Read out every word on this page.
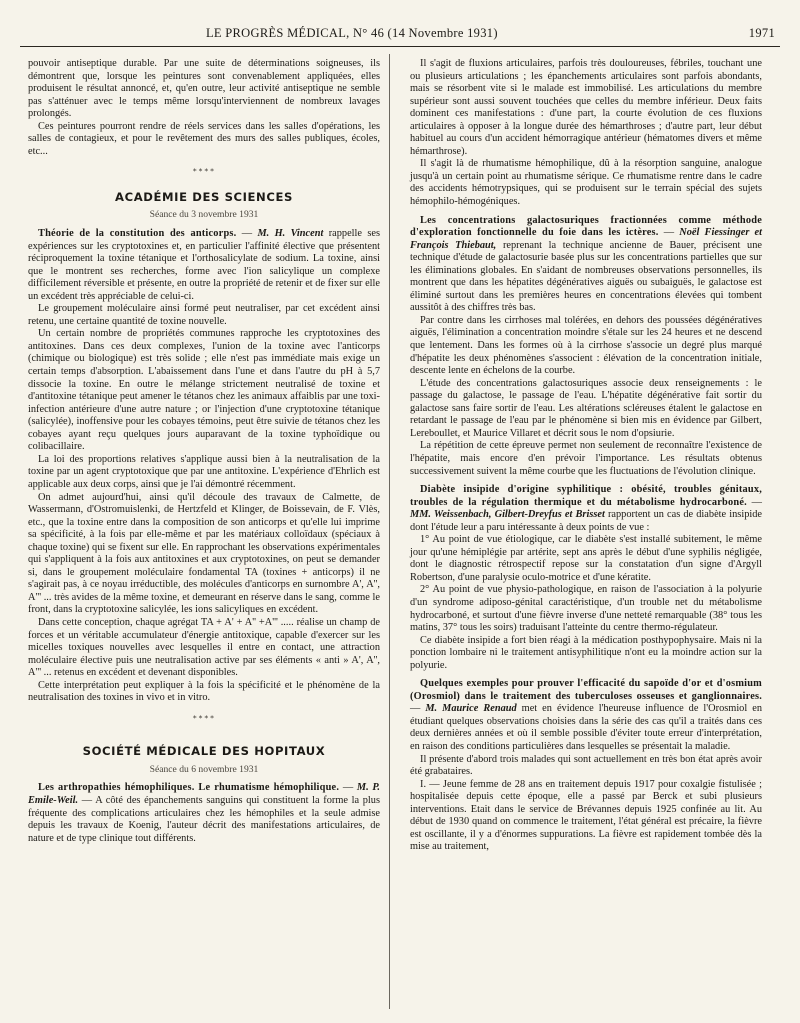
LE PROGRÈS MÉDICAL, N° 46 (14 Novembre 1931)	1971

pouvoir antiseptique durable. Par une suite de déterminations soigneuses, ils démontrent que, lorsque les peintures sont convenablement appliquées, elles produisent le résultat annoncé, et, qu'en outre, leur activité antiseptique ne semble pas s'atténuer avec le temps même lorsqu'interviennent de nombreux lavages prolongés.

Ces peintures pourront rendre de réels services dans les salles d'opérations, les salles de contagieux, et pour le revêtement des murs des salles publiques, écoles, etc...

∗∗∗∗

ACADÉMIE DES SCIENCES

Séance du 3 novembre 1931

Théorie de la constitution des anticorps. — M. H. Vincent rappelle ses expériences sur les cryptotoxines et, en particulier l'affinité élective que présentent réciproquement la toxine tétanique et l'orthosalicylate de sodium. La toxine, ainsi que le montrent ses recherches, forme avec l'ion salicylique un complexe difficilement réversible et présente, en outre la propriété de retenir et de fixer sur elle un excédent très appréciable de celui-ci.

Le groupement moléculaire ainsi formé peut neutraliser, par cet excédent ainsi retenu, une certaine quantité de toxine nouvelle.

Un certain nombre de propriétés communes rapproche les cryptotoxines des antitoxines. Dans ces deux complexes, l'union de la toxine avec l'anticorps (chimique ou biologique) est très solide ; elle n'est pas immédiate mais exige un certain temps d'absorption. L'abaissement dans l'une et dans l'autre du pH à 5,7 dissocie la toxine. En outre le mélange strictement neutralisé de toxine et d'antitoxine tétanique peut amener le tétanos chez les animaux affaiblis par une toxi-infection antérieure d'une autre nature ; or l'injection d'une cryptotoxine tétanique (salicylée), inoffensive pour les cobayes témoins, peut être suivie de tétanos chez les cobayes ayant reçu quelques jours auparavant de la toxine typhoïdique ou colibacillaire.

La loi des proportions relatives s'applique aussi bien à la neutralisation de la toxine par un agent cryptotoxique que par une antitoxine. L'expérience d'Ehrlich est applicable aux deux corps, ainsi que je l'ai démontré récemment.

On admet aujourd'hui, ainsi qu'il découle des travaux de Calmette, de Wassermann, d'Ostromuislenki, de Hertzfeld et Klinger, de Boissevain, de F. Vlès, etc., que la toxine entre dans la composition de son anticorps et qu'elle lui imprime sa spécificité, à la fois par elle-même et par les matériaux colloïdaux (spéciaux à chaque toxine) qui se fixent sur elle. En rapprochant les observations expérimentales qui s'appliquent à la fois aux antitoxines et aux cryptotoxines, on peut se demander si, dans le groupement moléculaire fondamental TA (toxines + anticorps) il ne s'agirait pas, à ce noyau irréductible, des molécules d'anticorps en surnombre A', A'', A''' ... très avides de la même toxine, et demeurant en réserve dans le sang, comme le front, dans la cryptotoxine salicylée, les ions salicyliques en excédent.

Dans cette conception, chaque agrégat TA + A' + A'' +A''' ..... réalise un champ de forces et un véritable accumulateur d'énergie antitoxique, capable d'exercer sur les micelles toxiques nouvelles avec lesquelles il entre en contact, une attraction moléculaire élective puis une neutralisation active par ses éléments « anti » A', A'', A''' ... retenus en excédent et devenant disponibles.

Cette interprétation peut expliquer à la fois la spécificité et le phénomène de la neutralisation des toxines in vivo et in vitro.

∗∗∗∗

SOCIÉTÉ MÉDICALE DES HOPITAUX

Séance du 6 novembre 1931

Les arthropathies hémophiliques. Le rhumatisme hémophilique. — M. P. Emile-Weil. — A côté des épanchements sanguins qui constituent la forme la plus fréquente des complications articulaires chez les hémophiles et la seule admise depuis les travaux de Koenig, l'auteur décrit des manifestations articulaires, de nature et de type clinique tout différents.

Il s'agit de fluxions articulaires, parfois très douloureuses, fébriles, touchant une ou plusieurs articulations ; les épanchements articulaires sont parfois abondants, mais se résorbent vite si le malade est immobilisé. Les articulations du membre supérieur sont aussi souvent touchées que celles du membre inférieur. Deux faits dominent ces manifestations : d'une part, la courte évolution de ces fluxions articulaires à opposer à la longue durée des hémarthroses ; d'autre part, leur début habituel au cours d'un accident hémorragique antérieur (hématomes divers et même hémarthrose).

Il s'agit là de rhumatisme hémophilique, dû à la résorption sanguine, analogue jusqu'à un certain point au rhumatisme sérique. Ce rhumatisme rentre dans le cadre des accidents hémotrypsiques, qui se produisent sur le terrain spécial des sujets hémophilo-hémogéniques.

Les concentrations galactosuriques fractionnées comme méthode d'exploration fonctionnelle du foie dans les ictères. — Noël Fiessinger et François Thiebaut, reprenant la technique ancienne de Bauer, précisent une technique d'étude de galactosurie basée plus sur les concentrations partielles que sur les éliminations globales. En s'aidant de nombreuses observations personnelles, ils montrent que dans les hépatites dégénératives aiguës ou subaiguës, le galactose est éliminé surtout dans les premières heures en concentrations élevées qui tombent aussitôt à des chiffres très bas.

Par contre dans les cirrhoses mal tolérées, en dehors des poussées dégénératives aiguës, l'élimination a concentration moindre s'étale sur les 24 heures et ne descend que lentement. Dans les formes où à la cirrhose s'associe un degré plus marqué d'hépatite les deux phénomènes s'associent : élévation de la concentration initiale, descente lente en échelons de la courbe.

L'étude des concentrations galactosuriques associe deux renseignements : le passage du galactose, le passage de l'eau. L'hépatite dégénérative fait sortir du galactose sans faire sortir de l'eau. Les altérations scléreuses étalent le galactose en retardant le passage de l'eau par le phénomène si bien mis en évidence par Gilbert, Lereboullet, et Maurice Villaret et décrit sous le nom d'opsiurie.

La répétition de cette épreuve permet non seulement de reconnaître l'existence de l'hépatite, mais encore d'en prévoir l'importance. Les résultats obtenus successivement suivent la même courbe que les fluctuations de l'évolution clinique.

Diabète insipide d'origine syphilitique : obésité, troubles génitaux, troubles de la régulation thermique et du métabolisme hydrocarboné. — MM. Weissenbach, Gilbert-Dreyfus et Brisset rapportent un cas de diabète insipide dont l'étude leur a paru intéressante à deux points de vue :

1° Au point de vue étiologique, car le diabète s'est installé subitement, le même jour qu'une hémiplégie par artérite, sept ans après le début d'une syphilis négligée, dont le diagnostic rétrospectif repose sur la constatation d'un signe d'Argyll Robertson, d'une paralysie oculo-motrice et d'une kératite.

2° Au point de vue physio-pathologique, en raison de l'association à la polyurie d'un syndrome adiposo-génital caractéristique, d'un trouble net du métabolisme hydrocarboné, et surtout d'une fièvre inverse d'une netteté remarquable (38° tous les matins, 37° tous les soirs) traduisant l'atteinte du centre thermo-régulateur.

Ce diabète insipide a fort bien réagi à la médication posthypophysaire. Mais ni la ponction lombaire ni le traitement antisyphilitique n'ont eu la moindre action sur la polyurie.

Quelques exemples pour prouver l'efficacité du sapoïde d'or et d'osmium (Orosmiol) dans le traitement des tuberculoses osseuses et ganglionnaires. — M. Maurice Renaud met en évidence l'heureuse influence de l'Orosmiol en étudiant quelques observations choisies dans la série des cas qu'il a traités dans ces deux dernières années et où il semble possible d'éviter toute erreur d'interprétation, en raison des conditions particulières dans lesquelles se présentait la maladie.

Il présente d'abord trois malades qui sont actuellement en très bon état après avoir été grabataires.

I. — Jeune femme de 28 ans en traitement depuis 1917 pour coxalgie fistulisée ; hospitalisée depuis cette époque, elle a passé par Berck et subi plusieurs interventions. Etait dans le service de Brévannes depuis 1925 confinée au lit. Au début de 1930 quand on commence le traitement, l'état général est précaire, la fièvre est oscillante, il y a d'énormes suppurations. La fièvre est rapidement tombée dès la mise au traitement,
